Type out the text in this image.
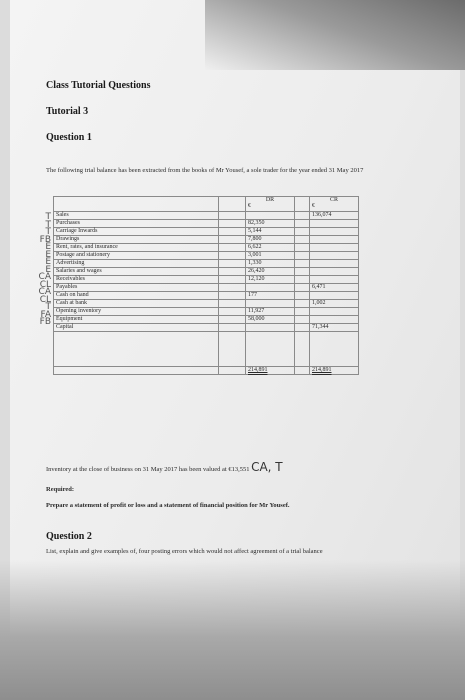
Class Tutorial Questions
Tutorial 3
Question 1
The following trial balance has been extracted from the books of Mr Yousef, a sole trader for the year ended 31 May 2017
T
T
T
FB
E
E
E
E
CA
CL
CA
CL
T
FA
FB
		DR

€		CR

€

Sales				136,074
Purchases		82,350		
Carriage Inwards		5,144		
Drawings		7,800		
Rent, rates, and insurance		6,622		
Postage and stationery		3,001		
Advertising		1,330		
Salaries and wages		26,420		
Receivables		12,120		
Payables				6,471
Cash on hand		177		
Cash at bank				1,002
Opening inventory		11,927		
Equipment		58,000		
Capital				71,344

		214,891		214,891
Inventory at the close of business on 31 May 2017 has been valued at €13,551 CA, T
Required:
Prepare a statement of profit or loss and a statement of financial position for Mr Yousef.
Question 2
List, explain and give examples of, four posting errors which would not affect agreement of a trial balance
